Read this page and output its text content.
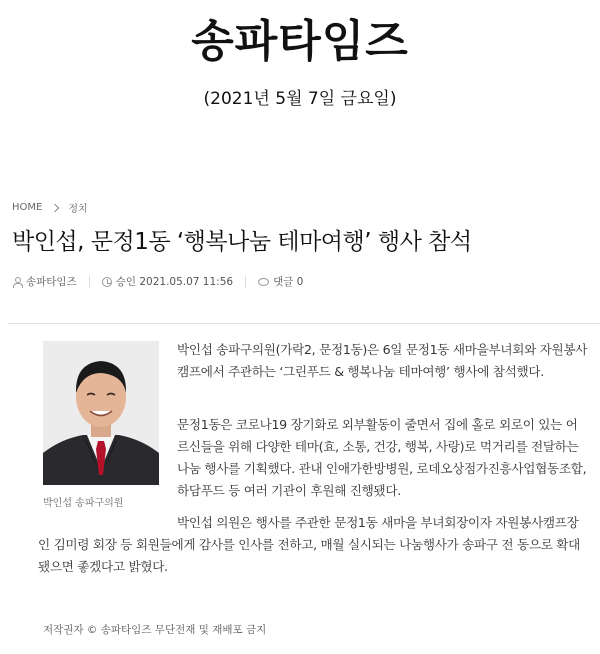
송파타임즈
(2021년 5월 7일 금요일)
HOME	정치
박인섭, 문정1동 ‘행복나눔 테마여행’ 행사 참석
송파타임즈	승인 2021.05.07 11:56	댓글 0
박인섭 송파구의원

박인섭 송파구의원(가락2, 문정1동)은 6일 문정1동 새마을부녀회와 자원봉사캠프에서 주관하는 ‘그린푸드 & 행복나눔 테마여행’ 행사에 참석했다.

문정1동은 코로나19 장기화로 외부활동이 줄면서 집에 홀로 외로이 있는 어르신들을 위해 다양한 테마(효, 소통, 건강, 행복, 사랑)로 먹거리를 전달하는 나눔 행사를 기획했다. 관내 인애가한방병원, 로데오상점가진흥사업협동조합, 하담푸드 등 여러 기관이 후원해 진행됐다.

박인섭 의원은 행사를 주관한 문정1동 새마을 부녀회장이자 자원봉사캠프장인 김미령 회장 등 회원들에게 감사를 인사를 전하고, 매월 실시되는 나눔행사가 송파구 전 동으로 확대됐으면 좋겠다고 밝혔다.

저작권자 © 송파타임즈 무단전재 및 재배포 금지
